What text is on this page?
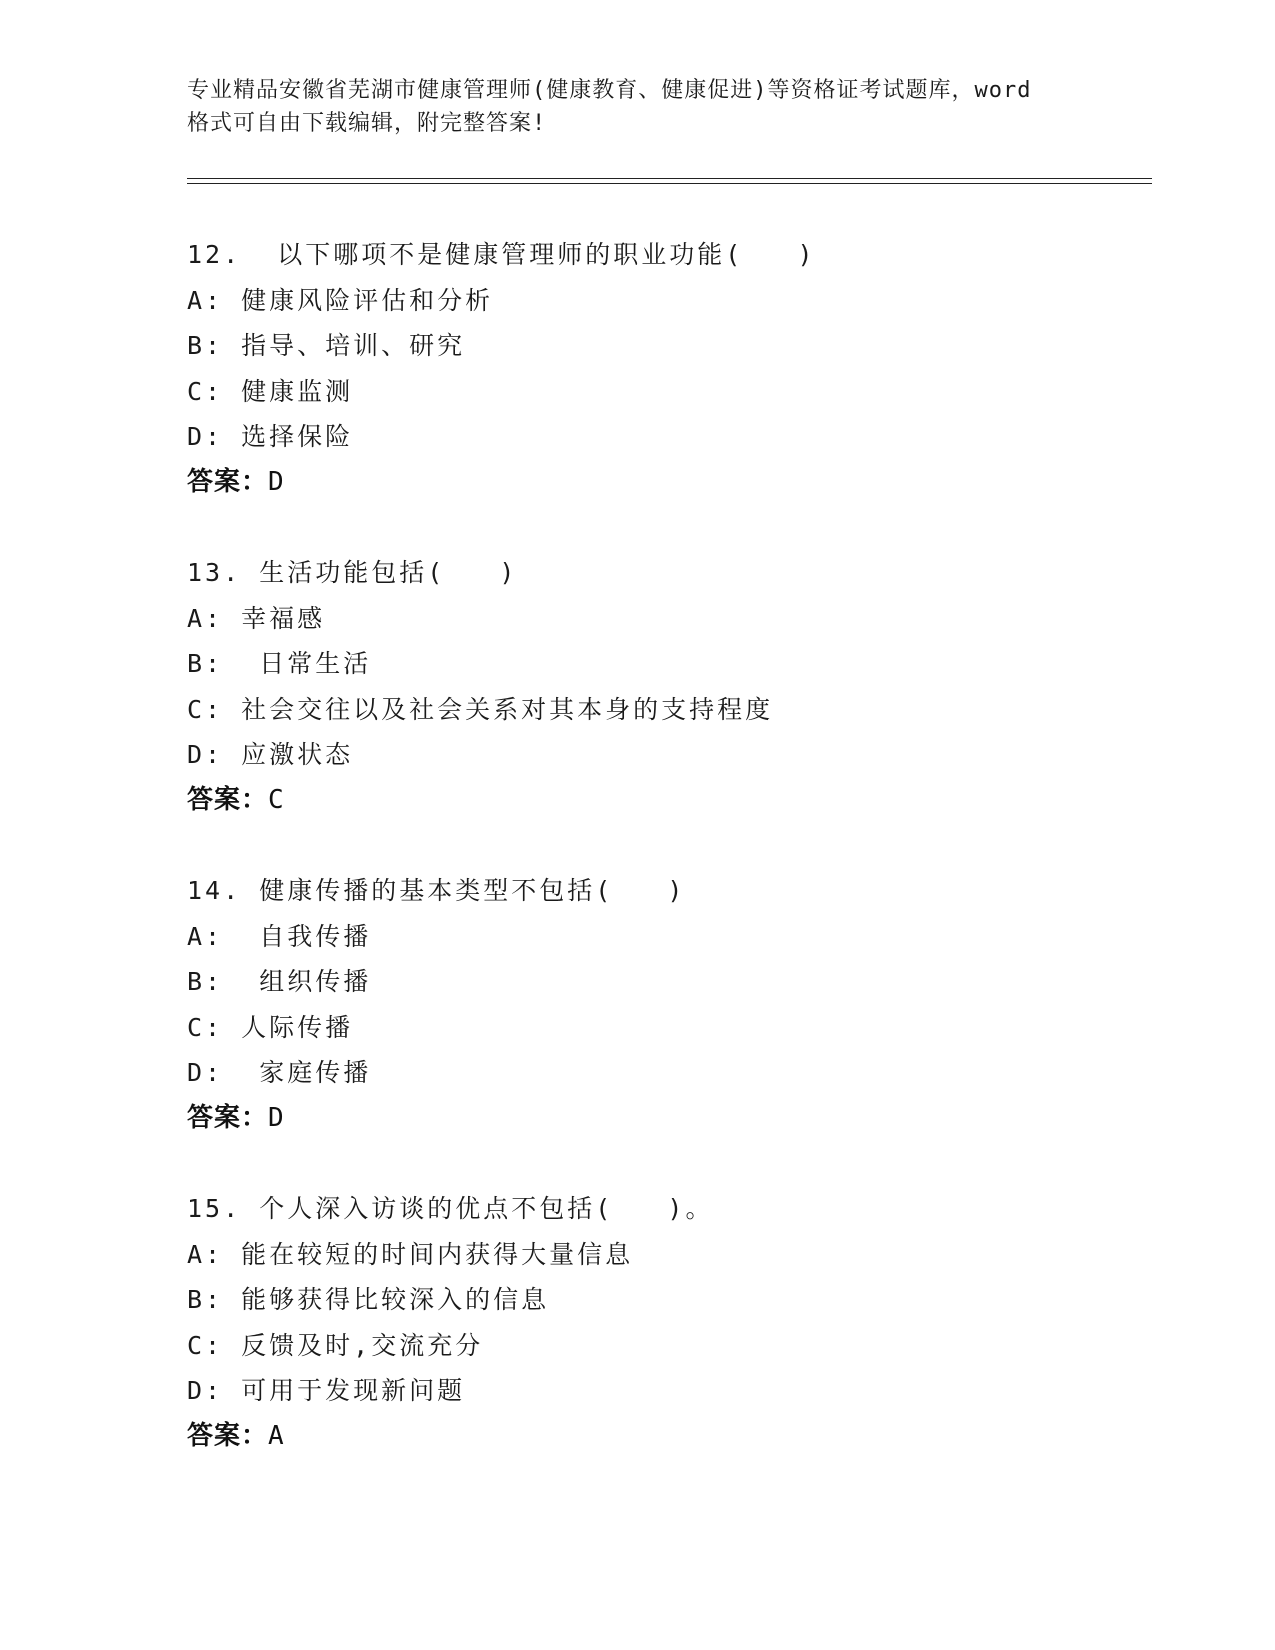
专业精品安徽省芜湖市健康管理师(健康教育、健康促进)等资格证考试题库，word
格式可自由下载编辑，附完整答案!
12.  以下哪项不是健康管理师的职业功能(   )
A: 健康风险评估和分析
B: 指导、培训、研究
C: 健康监测
D: 选择保险
答案：D
13. 生活功能包括(   )
A: 幸福感
B:  日常生活
C: 社会交往以及社会关系对其本身的支持程度
D: 应激状态
答案：C
14. 健康传播的基本类型不包括(   )
A:  自我传播
B:  组织传播
C: 人际传播
D:  家庭传播
答案：D
15. 个人深入访谈的优点不包括(   )。
A: 能在较短的时间内获得大量信息
B: 能够获得比较深入的信息
C: 反馈及时,交流充分
D: 可用于发现新问题
答案：A
